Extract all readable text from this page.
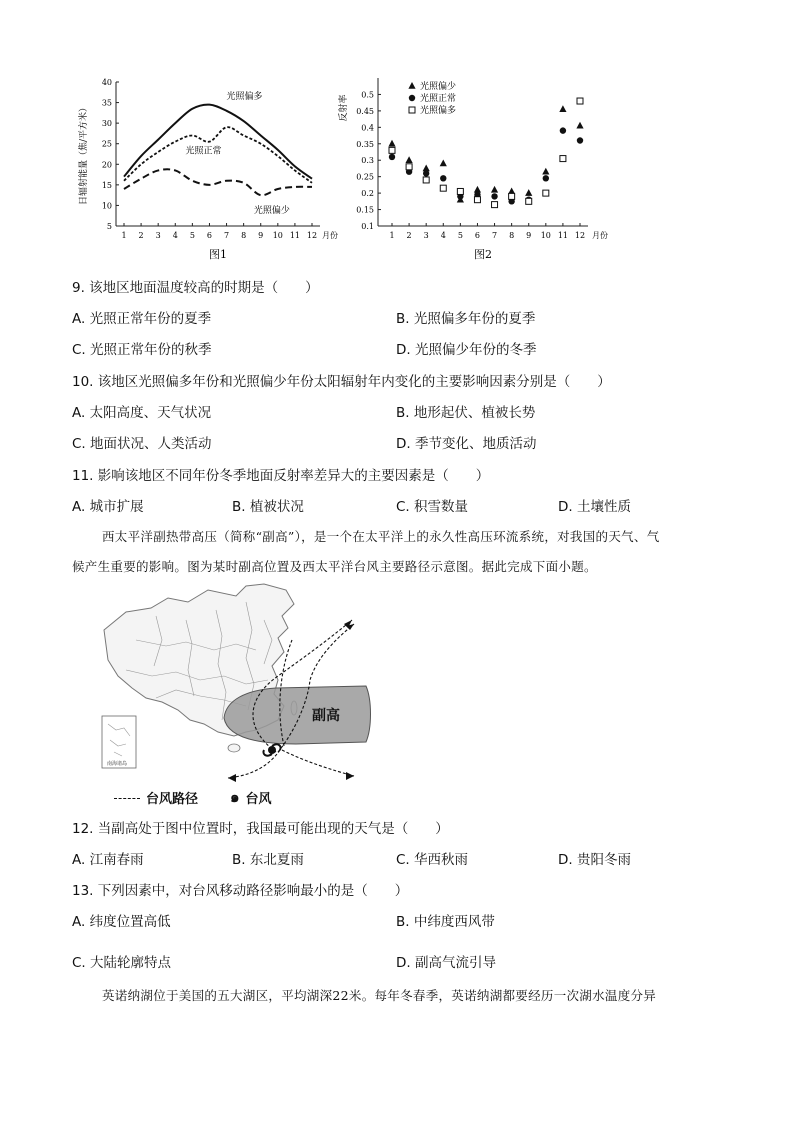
5
10
15
20
25
30
35
40
1 2 3 4 5 6 7 8 9 10 11 12 月份
日辐射能量（焦/平方米）
图1
光照偏多
光照正常
光照偏少
0.1
0.15
0.2
0.25
0.3
0.35
0.4
0.45
0.5
1 2 3 4 5 6 7 8 9 10 11 12 月份
反射率
图2
光照偏少
光照正常
光照偏多
9. 该地区地面温度较高的时期是（　　）
A. 光照正常年份的夏季	B. 光照偏多年份的夏季
C. 光照正常年份的秋季	D. 光照偏少年份的冬季
10. 该地区光照偏多年份和光照偏少年份太阳辐射年内变化的主要影响因素分别是（　　）
A. 太阳高度、天气状况	B. 地形起伏、植被长势
C. 地面状况、人类活动	D. 季节变化、地质活动
11. 影响该地区不同年份冬季地面反射率差异大的主要因素是（　　）
A. 城市扩展	B. 植被状况	C. 积雪数量	D. 土壤性质
西太平洋副热带高压（简称“副高”），是一个在太平洋上的永久性高压环流系统，对我国的天气、气
候产生重要的影响。图为某时副高位置及西太平洋台风主要路径示意图。据此完成下面小题。
南海诸岛
副高
台风路径 ๑ 台风
12. 当副高处于图中位置时，我国最可能出现的天气是（　　）
A. 江南春雨	B. 东北夏雨	C. 华西秋雨	D. 贵阳冬雨
13. 下列因素中，对台风移动路径影响最小的是（　　）
A. 纬度位置高低	B. 中纬度西风带
C. 大陆轮廓特点	D. 副高气流引导
英诺纳湖位于美国的五大湖区，平均湖深22米。每年冬春季，英诺纳湖都要经历一次湖水温度分异
